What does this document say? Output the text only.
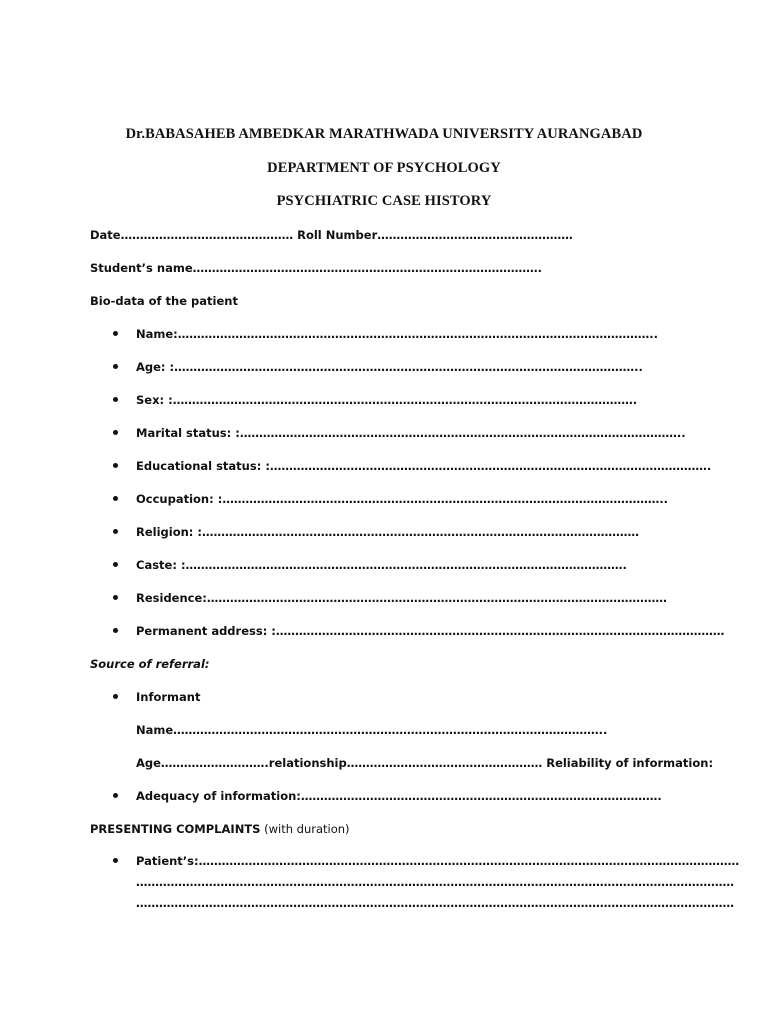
Dr.BABASAHEB AMBEDKAR MARATHWADA UNIVERSITY AURANGABAD
DEPARTMENT OF PSYCHOLOGY
PSYCHIATRIC CASE HISTORY
Date……………………………………… Roll Number……………………………………………
Student’s name……………………………………………………………………………….
Bio-data of the patient
Name:……………………………………………………………………………………………………………..
Age: :…………………………………………………………………………………………………………..
Sex: :………………………………………………………………………………………………………….
Marital status: :……………………………………………………………………………………………………..
Educational status: :…………………………………………………………………………………………………….
Occupation: :……………………………………………………………………………………………………..
Religion: :……………………………………………………………………………………………………
Caste: :…………………………………………………………………………………………………….
Residence:…………………………………………………………………………………………………………
Permanent address: :………………………………………………………………………………………………………
Source of referral:
Informant
Name…………………………………………………………………………………………………..
Age……………………….relationship…………………………………………… Reliability of information:
Adequacy of information:………………………………………………………………………………….
PRESENTING COMPLAINTS (with duration)
Patient’s:……………………………………………………………………………………………………………………………
…………………………………………………………………………………………………………………………………………
…………………………………………………………………………………………………………………………………………
